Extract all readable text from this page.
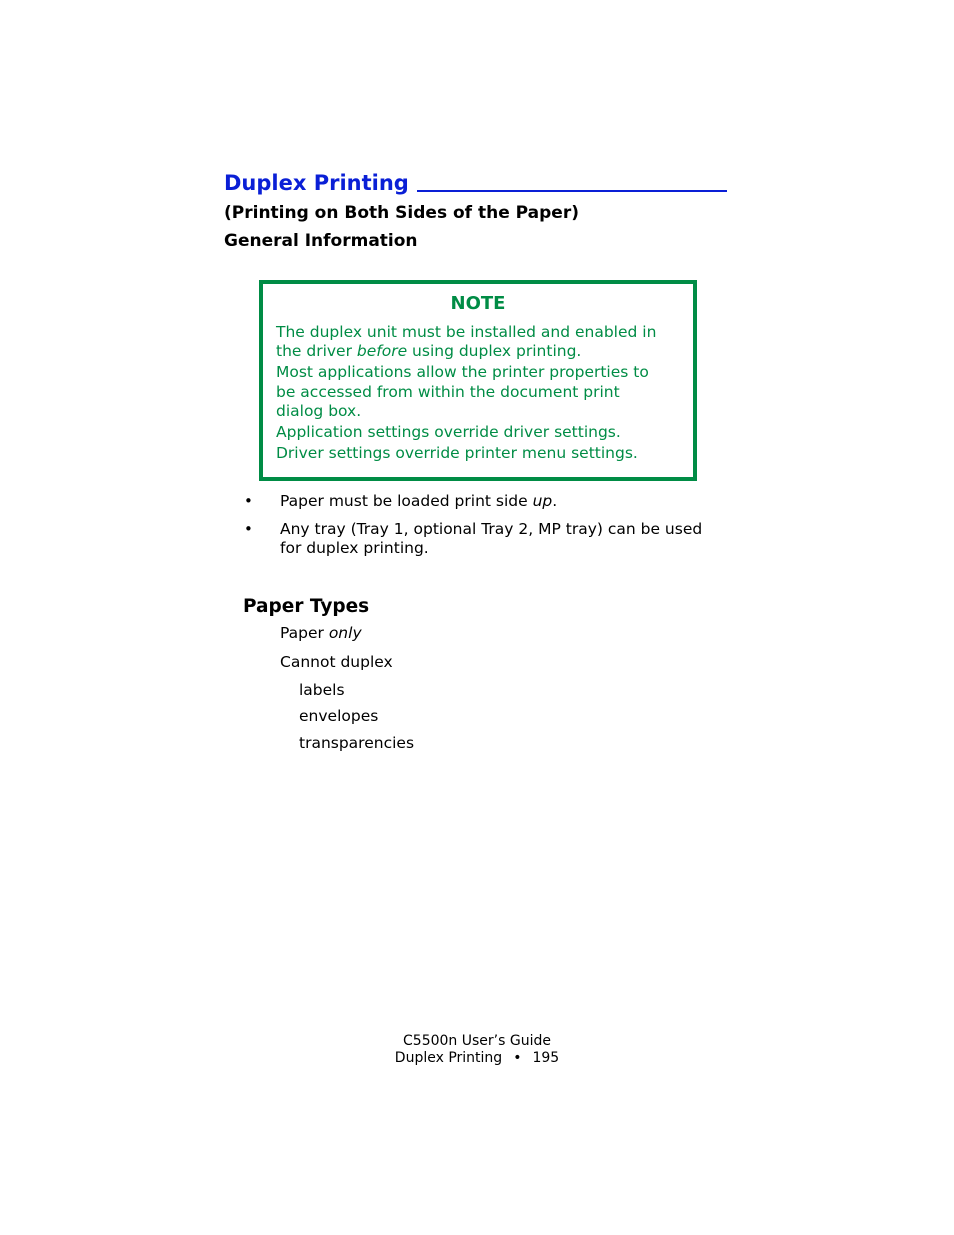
Duplex Printing
(Printing on Both Sides of the Paper)
General Information
NOTE
The duplex unit must be installed and enabled in
the driver before using duplex printing.
Most applications allow the printer properties to
be accessed from within the document print
dialog box.
Application settings override driver settings.
Driver settings override printer menu settings.
• Paper must be loaded print side up.
• Any tray (Tray 1, optional Tray 2, MP tray) can be used
for duplex printing.
Paper Types
Paper only
Cannot duplex
labels
envelopes
transparencies
C5500n User’s Guide
Duplex Printing • 195
